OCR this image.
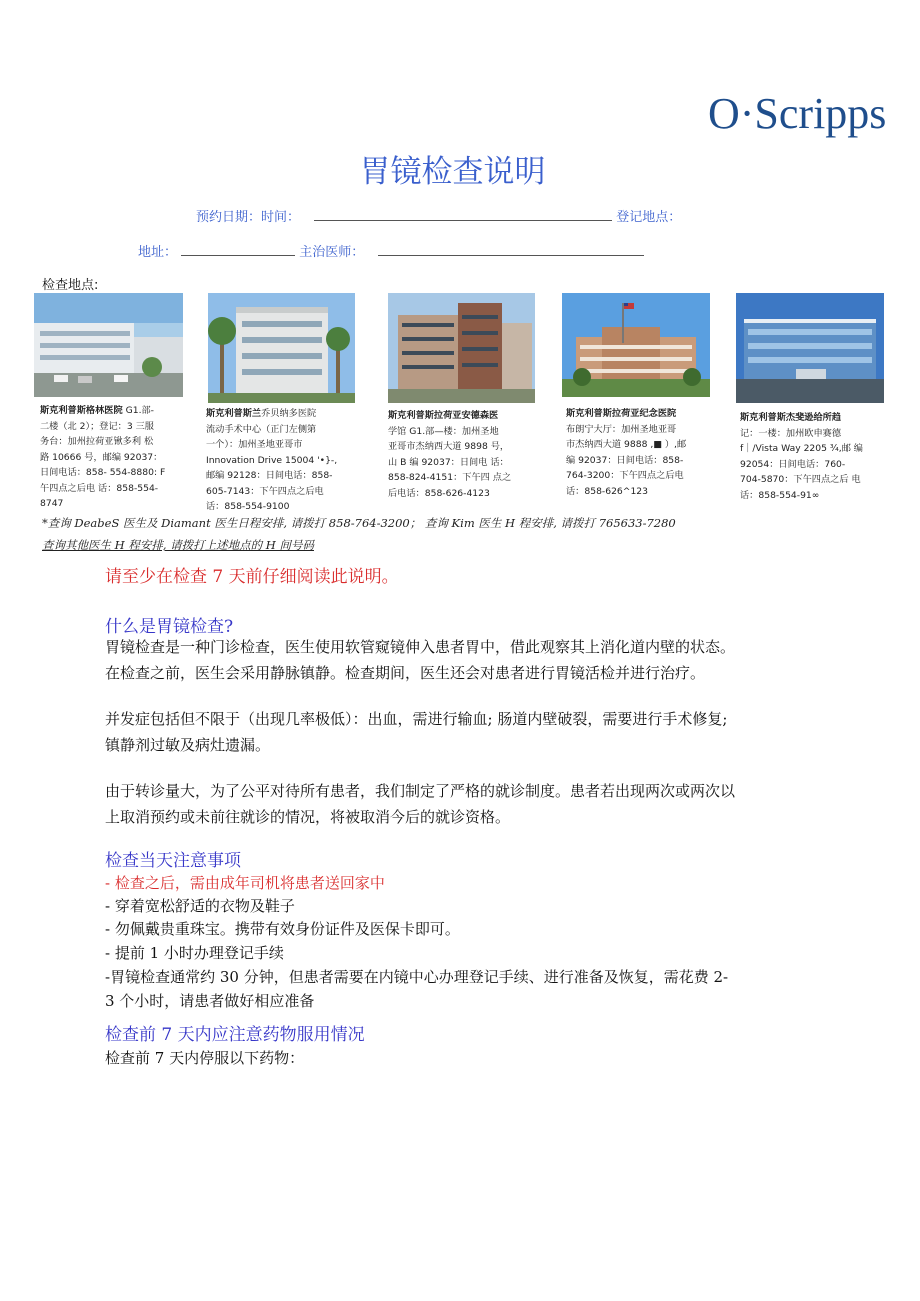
O·Scripps
胃镜检查说明
预约日期：时间：	登记地点：
地址：	主治医师：
检查地点:
斯克利普斯格林医院 G1.部-
二楼（北 2）；登记：3 三服
务台：加州拉荷亚锹多利 松
路 10666 号，邮编 92037：
日间电话：858- 554-8880: F
午四点之后电 话：858-554-
8747
斯克利普斯兰乔贝纳多医院
流动手术中心（正门左侧第
一个）：加州圣地亚哥市
Innovation Drive 15004 '•}-,
邮编 92128：日间电话：858-
605-7143：下午四点之后电
话：858-554-9100
斯克利普斯拉荷亚安德森医
学馆 G1.部—楼：加州圣地
亚哥市杰纳西大道 9898 号，
山 B 编 92037：日间电 话：
858-824-4151：下午四 点之
后电话：858-626-4123
斯克利普斯拉荷亚纪念医院
布朗宁大厅：加州圣地亚哥
市杰纳西大道 9888 ,■ ）,邮
编 92037：日间电话：858-
764-3200：下午四点之后电
话：858-626^123
斯克利普斯杰斐逊给所趋
记：一楼：加州欧申赛德
f｜/Vista Way 2205 ¾,邮 编
92054：日间电话：760-
704-5870：下午四点之后 电
话：858-554-91∞
*查询 DeabeS 医生及 Diamant 医生日程安排, 请拨打 858-764-3200； 查询 Kim 医生 H 程安排, 请拨打 765633-7280
查询其他医生 H 程安排, 请拨打上述地点的 H 间号码
请至少在检查 7 天前仔细阅读此说明。
什么是胃镜检查?
胃镜检查是一种门诊检查，医生使用软管窥镜伸入患者胃中，借此观察其上消化道内壁的状态。
在检查之前，医生会采用静脉镇静。检查期间，医生还会对患者进行胃镜活检并进行治疗。
并发症包括但不限于（出现几率极低）：出血，需进行输血; 肠道内壁破裂，需要进行手术修复;
镇静剂过敏及病灶遗漏。
由于转诊量大，为了公平对待所有患者，我们制定了严格的就诊制度。患者若出现两次或两次以
上取消预约或未前往就诊的情况，将被取消今后的就诊资格。
检查当天注意事项
- 检查之后，需由成年司机将患者送回家中
- 穿着宽松舒适的衣物及鞋子
- 勿佩戴贵重珠宝。携带有效身份证件及医保卡即可。
- 提前 1 小时办理登记手续
-胃镜检查通常约 30 分钟，但患者需要在内镜中心办理登记手续、进行准备及恢复，需花费 2-
3 个小时，请患者做好相应准备
检查前 7 天内应注意药物服用情况
检查前 7 天内停服以下药物：
